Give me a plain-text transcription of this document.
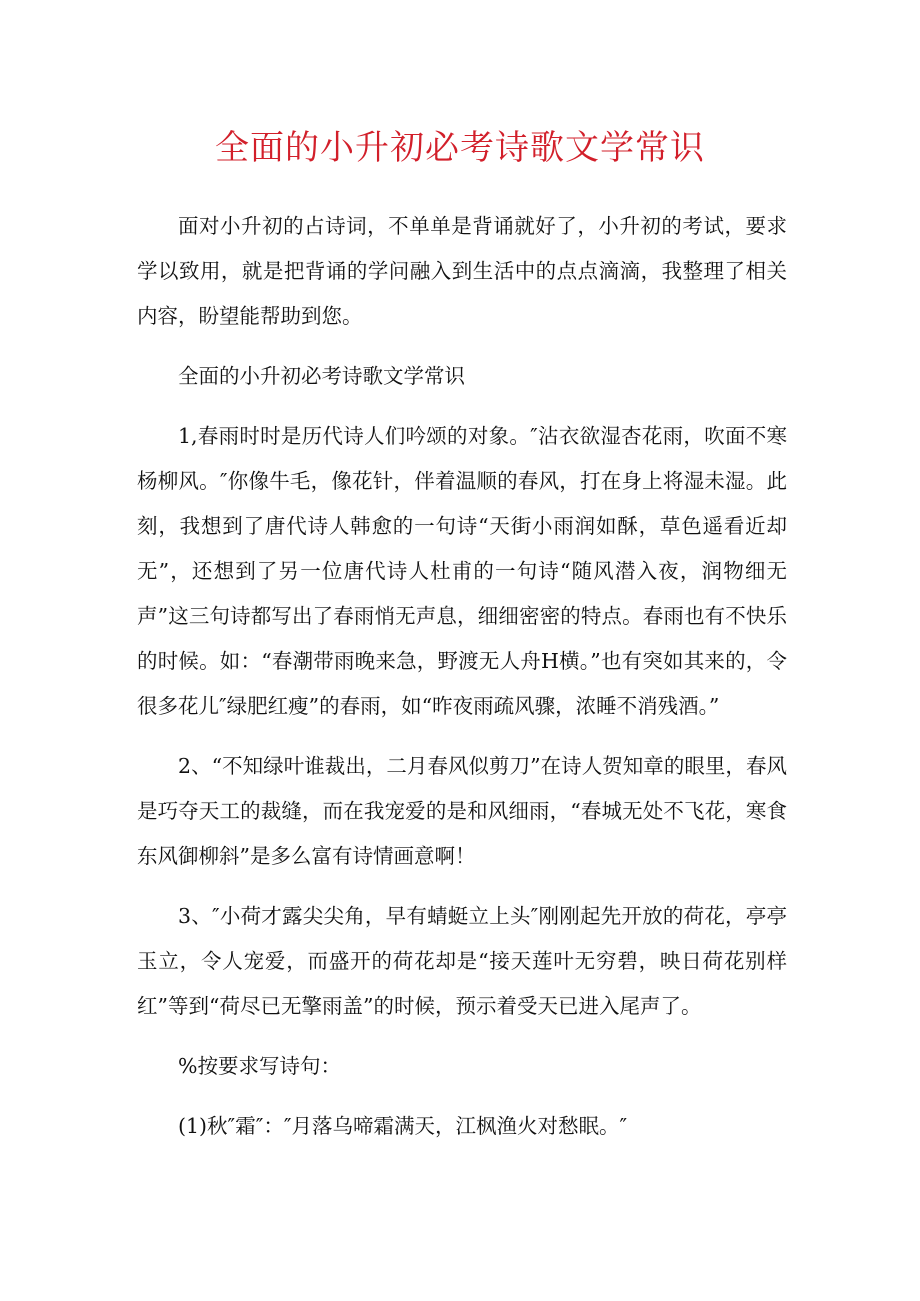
全面的小升初必考诗歌文学常识

面对小升初的占诗词，不单单是背诵就好了，小升初的考试，要求学以致用，就是把背诵的学问融入到生活中的点点滴滴，我整理了相关内容，盼望能帮助到您。

全面的小升初必考诗歌文学常识

1,春雨时时是历代诗人们吟颂的对象。″沾衣欲湿杏花雨，吹面不寒杨柳风。″你像牛毛，像花针，伴着温顺的春风，打在身上将湿未湿。此刻，我想到了唐代诗人韩愈的一句诗“天街小雨润如酥，草色遥看近却无”，还想到了另一位唐代诗人杜甫的一句诗“随风潜入夜，润物细无声”这三句诗都写出了春雨悄无声息，细细密密的特点。春雨也有不快乐的时候。如：“春潮带雨晚来急，野渡无人舟H横。”也有突如其来的，令很多花儿″绿肥红瘦”的春雨，如“昨夜雨疏风骤，浓睡不消残酒。”

2、“不知绿叶谁裁出，二月春风似剪刀”在诗人贺知章的眼里，春风是巧夺天工的裁缝，而在我宠爱的是和风细雨，“春城无处不飞花，寒食东风御柳斜”是多么富有诗情画意啊！

3、″小荷才露尖尖角，早有蜻蜓立上头″刚刚起先开放的荷花，亭亭玉立，令人宠爱，而盛开的荷花却是“接天莲叶无穷碧，映日荷花别样红”等到“荷尽已无擎雨盖”的时候，预示着受天已进入尾声了。

%按要求写诗句：

(1)秋″霜″：″月落乌啼霜满天，江枫渔火对愁眠。″
